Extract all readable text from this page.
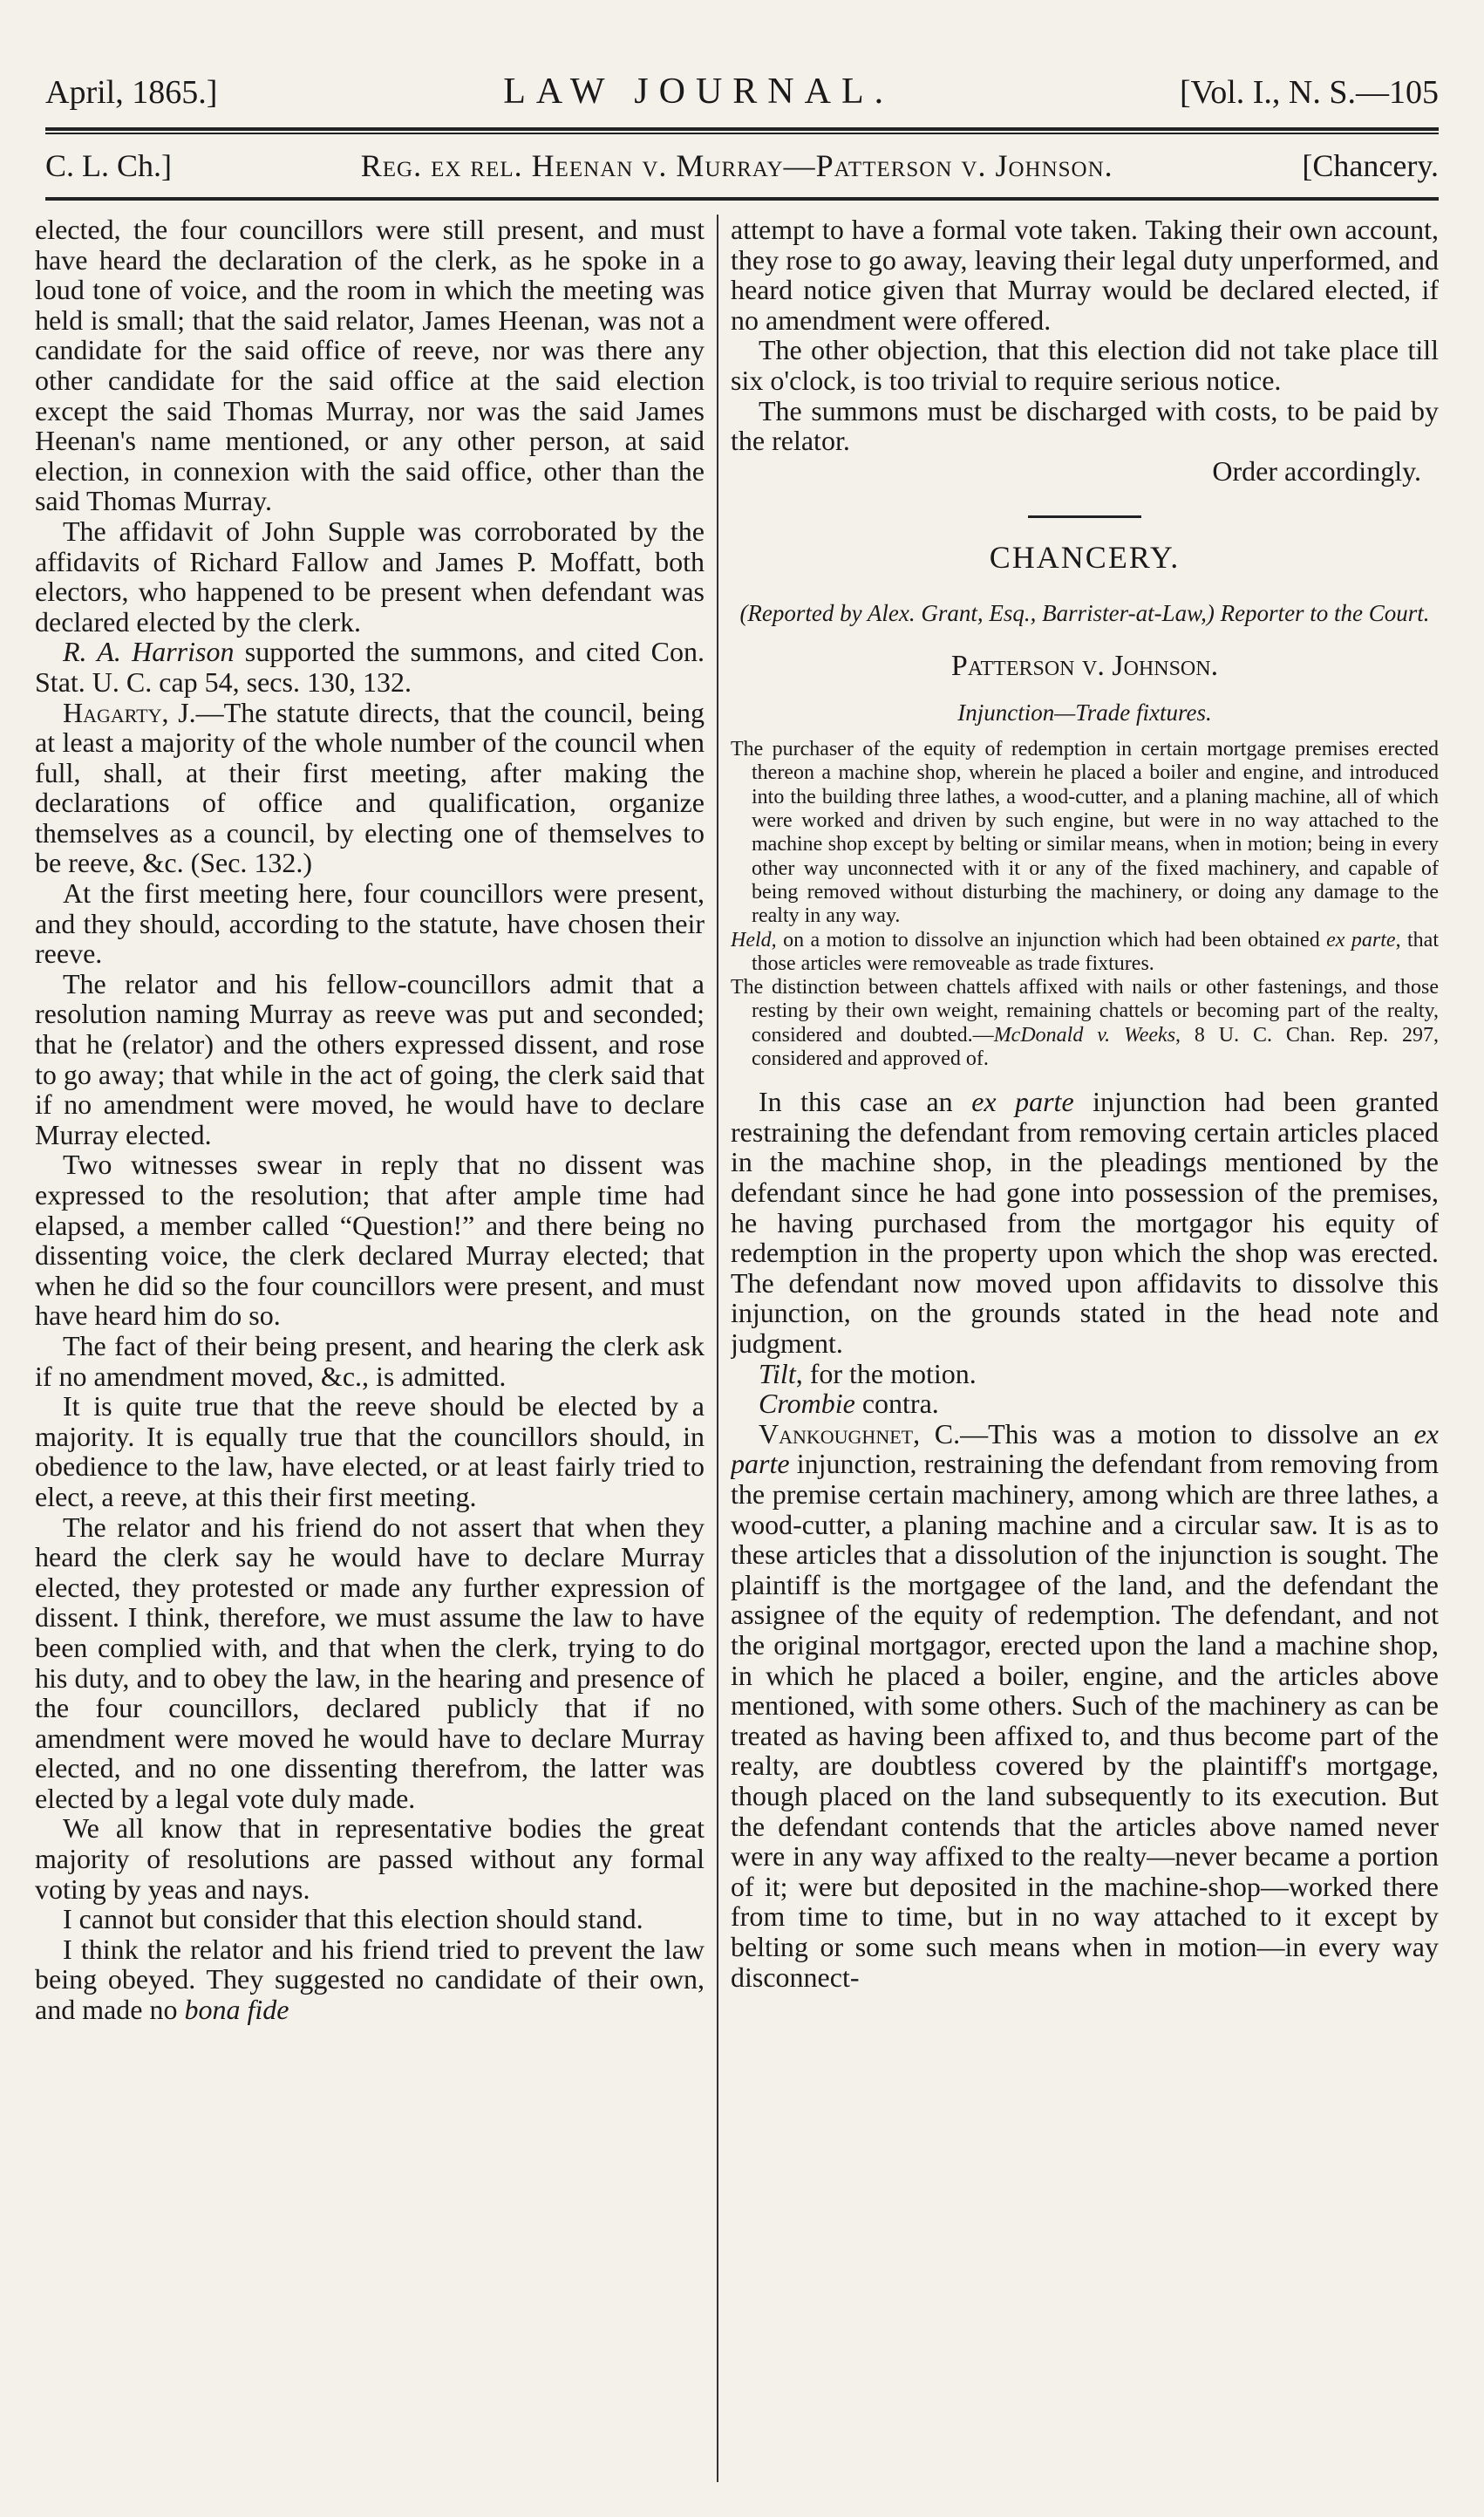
April, 1865.]	LAW JOURNAL.	[Vol. I., N. S.—105
C. L. Ch.]	Reg. ex rel. Heenan v. Murray—Patterson v. Johnson.	[Chancery.

elected, the four councillors were still present, and must have heard the declaration of the clerk, as he spoke in a loud tone of voice, and the room in which the meeting was held is small; that the said relator, James Heenan, was not a candidate for the said office of reeve, nor was there any other candidate for the said office at the said election except the said Thomas Murray, nor was the said James Heenan's name mentioned, or any other person, at said election, in connexion with the said office, other than the said Thomas Murray.

The affidavit of John Supple was corroborated by the affidavits of Richard Fallow and James P. Moffatt, both electors, who happened to be present when defendant was declared elected by the clerk.

R. A. Harrison supported the summons, and cited Con. Stat. U. C. cap 54, secs. 130, 132.

Hagarty, J.—The statute directs, that the council, being at least a majority of the whole number of the council when full, shall, at their first meeting, after making the declarations of office and qualification, organize themselves as a council, by electing one of themselves to be reeve, &c. (Sec. 132.)

At the first meeting here, four councillors were present, and they should, according to the statute, have chosen their reeve.

The relator and his fellow-councillors admit that a resolution naming Murray as reeve was put and seconded; that he (relator) and the others expressed dissent, and rose to go away; that while in the act of going, the clerk said that if no amendment were moved, he would have to declare Murray elected.

Two witnesses swear in reply that no dissent was expressed to the resolution; that after ample time had elapsed, a member called “Question!” and there being no dissenting voice, the clerk declared Murray elected; that when he did so the four councillors were present, and must have heard him do so.

The fact of their being present, and hearing the clerk ask if no amendment moved, &c., is admitted.

It is quite true that the reeve should be elected by a majority. It is equally true that the councillors should, in obedience to the law, have elected, or at least fairly tried to elect, a reeve, at this their first meeting.

The relator and his friend do not assert that when they heard the clerk say he would have to declare Murray elected, they protested or made any further expression of dissent. I think, therefore, we must assume the law to have been complied with, and that when the clerk, trying to do his duty, and to obey the law, in the hearing and presence of the four councillors, declared publicly that if no amendment were moved he would have to declare Murray elected, and no one dissenting therefrom, the latter was elected by a legal vote duly made.

We all know that in representative bodies the great majority of resolutions are passed without any formal voting by yeas and nays.

I cannot but consider that this election should stand.

I think the relator and his friend tried to prevent the law being obeyed. They suggested no candidate of their own, and made no bona fide

attempt to have a formal vote taken. Taking their own account, they rose to go away, leaving their legal duty unperformed, and heard notice given that Murray would be declared elected, if no amendment were offered.

The other objection, that this election did not take place till six o'clock, is too trivial to require serious notice.

The summons must be discharged with costs, to be paid by the relator.

Order accordingly.

CHANCERY.
(Reported by Alex. Grant, Esq., Barrister-at-Law,) Reporter to the Court.
Patterson v. Johnson.
Injunction—Trade fixtures.

The purchaser of the equity of redemption in certain mortgage premises erected thereon a machine shop, wherein he placed a boiler and engine, and introduced into the building three lathes, a wood-cutter, and a planing machine, all of which were worked and driven by such engine, but were in no way attached to the machine shop except by belting or similar means, when in motion; being in every other way unconnected with it or any of the fixed machinery, and capable of being removed without disturbing the machinery, or doing any damage to the realty in any way.

Held, on a motion to dissolve an injunction which had been obtained ex parte, that those articles were removeable as trade fixtures.

The distinction between chattels affixed with nails or other fastenings, and those resting by their own weight, remaining chattels or becoming part of the realty, considered and doubted.—McDonald v. Weeks, 8 U. C. Chan. Rep. 297, considered and approved of.

In this case an ex parte injunction had been granted restraining the defendant from removing certain articles placed in the machine shop, in the pleadings mentioned by the defendant since he had gone into possession of the premises, he having purchased from the mortgagor his equity of redemption in the property upon which the shop was erected. The defendant now moved upon affidavits to dissolve this injunction, on the grounds stated in the head note and judgment.

Tilt, for the motion.

Crombie contra.

Vankoughnet, C.—This was a motion to dissolve an ex parte injunction, restraining the defendant from removing from the premise certain machinery, among which are three lathes, a wood-cutter, a planing machine and a circular saw. It is as to these articles that a dissolution of the injunction is sought. The plaintiff is the mortgagee of the land, and the defendant the assignee of the equity of redemption. The defendant, and not the original mortgagor, erected upon the land a machine shop, in which he placed a boiler, engine, and the articles above mentioned, with some others. Such of the machinery as can be treated as having been affixed to, and thus become part of the realty, are doubtless covered by the plaintiff's mortgage, though placed on the land subsequently to its execution. But the defendant contends that the articles above named never were in any way affixed to the realty—never became a portion of it; were but deposited in the machine-shop—worked there from time to time, but in no way attached to it except by belting or some such means when in motion—in every way disconnect-
